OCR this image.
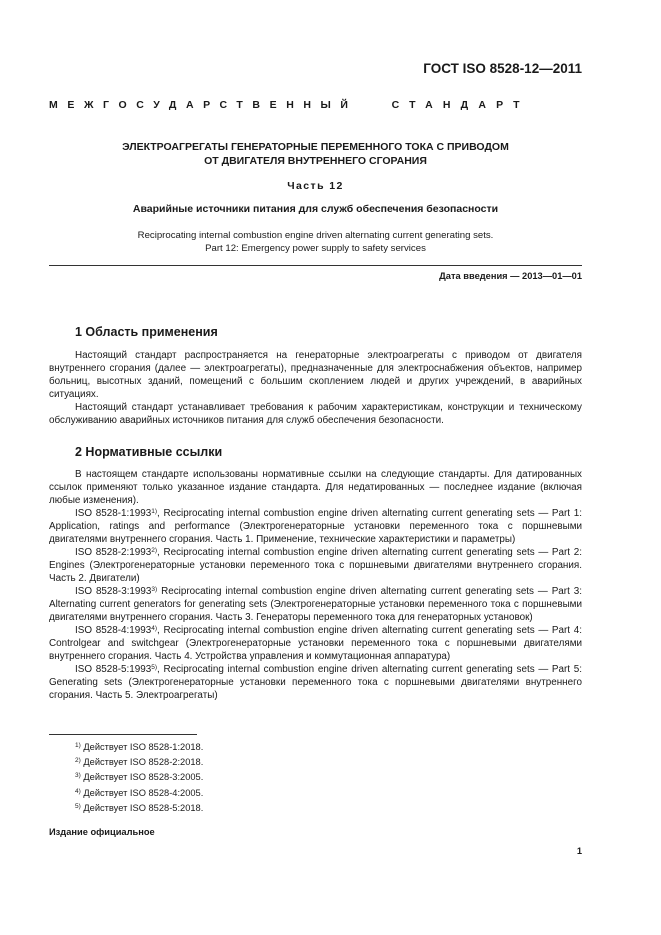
ГОСТ ISO 8528-12—2011
МЕЖГОСУДАРСТВЕННЫЙ	СТАНДАРТ
ЭЛЕКТРОАГРЕГАТЫ ГЕНЕРАТОРНЫЕ ПЕРЕМЕННОГО ТОКА С ПРИВОДОМ
ОТ ДВИГАТЕЛЯ ВНУТРЕННЕГО СГОРАНИЯ
Часть 12
Аварийные источники питания для служб обеспечения безопасности
Reciprocating internal combustion engine driven alternating current generating sets.
Part 12: Emergency power supply to safety services
Дата введения — 2013—01—01
1 Область применения

Настоящий стандарт распространяется на генераторные электроагрегаты с приводом от двигателя внутреннего сгорания (далее — электроагрегаты), предназначенные для электроснабжения объектов, например больниц, высотных зданий, помещений с большим скоплением людей и других учреждений, в аварийных ситуациях.

Настоящий стандарт устанавливает требования к рабочим характеристикам, конструкции и техническому обслуживанию аварийных источников питания для служб обеспечения безопасности.

2 Нормативные ссылки

В настоящем стандарте использованы нормативные ссылки на следующие стандарты. Для датированных ссылок применяют только указанное издание стандарта. Для недатированных — последнее издание (включая любые изменения).

ISO 8528-1:1993$^{1)}$, Reciprocating internal combustion engine driven alternating current generating sets — Part 1: Application, ratings and performance (Электрогенераторные установки переменного тока с поршневыми двигателями внутреннего сгорания. Часть 1. Применение, технические характеристики и параметры)

ISO 8528-2:1993$^{2)}$, Reciprocating internal combustion engine driven alternating current generating sets — Part 2: Engines (Электрогенераторные установки переменного тока с поршневыми двигателями внутреннего сгорания. Часть 2. Двигатели)

ISO 8528-3:1993$^{3)}$ Reciprocating internal combustion engine driven alternating current generating sets — Part 3: Alternating current generators for generating sets (Электрогенераторные установки переменного тока с поршневыми двигателями внутреннего сгорания. Часть 3. Генераторы переменного тока для генераторных установок)

ISO 8528-4:1993$^{4)}$, Reciprocating internal combustion engine driven alternating current generating sets — Part 4: Controlgear and switchgear (Электрогенераторные установки переменного тока с поршневыми двигателями внутреннего сгорания. Часть 4. Устройства управления и коммутационная аппаратура)

ISO 8528-5:1993$^{5)}$, Reciprocating internal combustion engine driven alternating current generating sets — Part 5: Generating sets (Электрогенераторные установки переменного тока с поршневыми двигателями внутреннего сгорания. Часть 5. Электроагрегаты)

$^{1)}$ Действует ISO 8528-1:2018.
$^{2)}$ Действует ISO 8528-2:2018.
$^{3)}$ Действует ISO 8528-3:2005.
$^{4)}$ Действует ISO 8528-4:2005.
$^{5)}$ Действует ISO 8528-5:2018.
Издание официальное
1
